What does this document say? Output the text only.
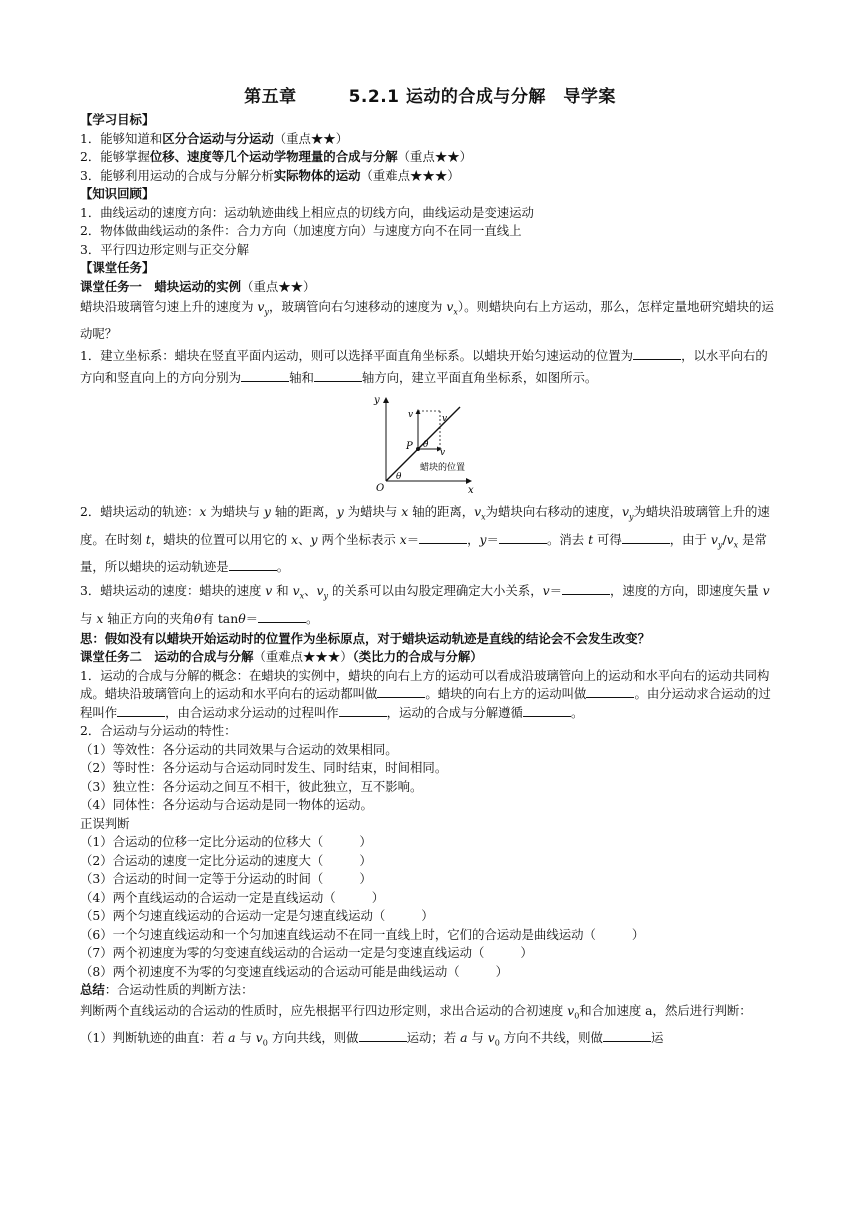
第五章	5.2.1 运动的合成与分解　导学案
【学习目标】
1．能够知道和区分合运动与分运动（重点★★）
2．能够掌握位移、速度等几个运动学物理量的合成与分解（重点★★）
3．能够利用运动的合成与分解分析实际物体的运动（重难点★★★）
【知识回顾】
1．曲线运动的速度方向：运动轨迹曲线上相应点的切线方向，曲线运动是变速运动
2．物体做曲线运动的条件：合力方向（加速度方向）与速度方向不在同一直线上
3．平行四边形定则与正交分解
【课堂任务】
课堂任务一　蜡块运动的实例（重点★★）
蜡块沿玻璃管匀速上升的速度为 $v_y$，玻璃管向右匀速移动的速度为 $v_x$）。则蜡块向右上方运动，那么，怎样定量地研究蜡块的运动呢？
1．建立坐标系：蜡块在竖直平面内运动，则可以选择平面直角坐标系。以蜡块开始匀速运动的位置为	，以水平向右的方向和竖直向上的方向分别为	轴和	轴方向，建立平面直角坐标系，如图所示。
y
x
O
P
θ
θ
v	v
v
蜡块的位置
2．蜡块运动的轨迹：x 为蜡块与 y 轴的距离，y 为蜡块与 x 轴的距离，$v_x$为蜡块向右移动的速度，$v_y$为蜡块沿玻璃管上升的速度。在时刻 t，蜡块的位置可以用它的 x、y 两个坐标表示 x＝	，y＝	。消去 t 可得	，由于 $v_y/v_x$ 是常量，所以蜡块的运动轨迹是	。
3．蜡块运动的速度：蜡块的速度 v 和 $v_x$、$v_y$ 的关系可以由勾股定理确定大小关系，v＝	，速度的方向，即速度矢量 v 与 x 轴正方向的夹角θ有 tanθ＝	。
思：假如没有以蜡块开始运动时的位置作为坐标原点，对于蜡块运动轨迹是直线的结论会不会发生改变？
课堂任务二　运动的合成与分解（重难点★★★）（类比力的合成与分解）
1．运动的合成与分解的概念：在蜡块的实例中，蜡块的向右上方的运动可以看成沿玻璃管向上的运动和水平向右的运动共同构成。蜡块沿玻璃管向上的运动和水平向右的运动都叫做	。蜡块的向右上方的运动叫做	。由分运动求合运动的过程叫作	，由合运动求分运动的过程叫作	，运动的合成与分解遵循	。
2．合运动与分运动的特性：
（1）等效性：各分运动的共同效果与合运动的效果相同。
（2）等时性：各分运动与合运动同时发生、同时结束，时间相同。
（3）独立性：各分运动之间互不相干，彼此独立，互不影响。
（4）同体性：各分运动与合运动是同一物体的运动。
正误判断
（1）合运动的位移一定比分运动的位移大（	）
（2）合运动的速度一定比分运动的速度大（	）
（3）合运动的时间一定等于分运动的时间（	）
（4）两个直线运动的合运动一定是直线运动（	）
（5）两个匀速直线运动的合运动一定是匀速直线运动（	）
（6）一个匀速直线运动和一个匀加速直线运动不在同一直线上时，它们的合运动是曲线运动（	）
（7）两个初速度为零的匀变速直线运动的合运动一定是匀变速直线运动（	）
（8）两个初速度不为零的匀变速直线运动的合运动可能是曲线运动（	）
总结：合运动性质的判断方法：
判断两个直线运动的合运动的性质时，应先根据平行四边形定则，求出合运动的合初速度 $v_0$和合加速度 a，然后进行判断：
（1）判断轨迹的曲直：若 a 与 $v_0$ 方向共线，则做	运动；若 a 与 $v_0$ 方向不共线，则做	运
